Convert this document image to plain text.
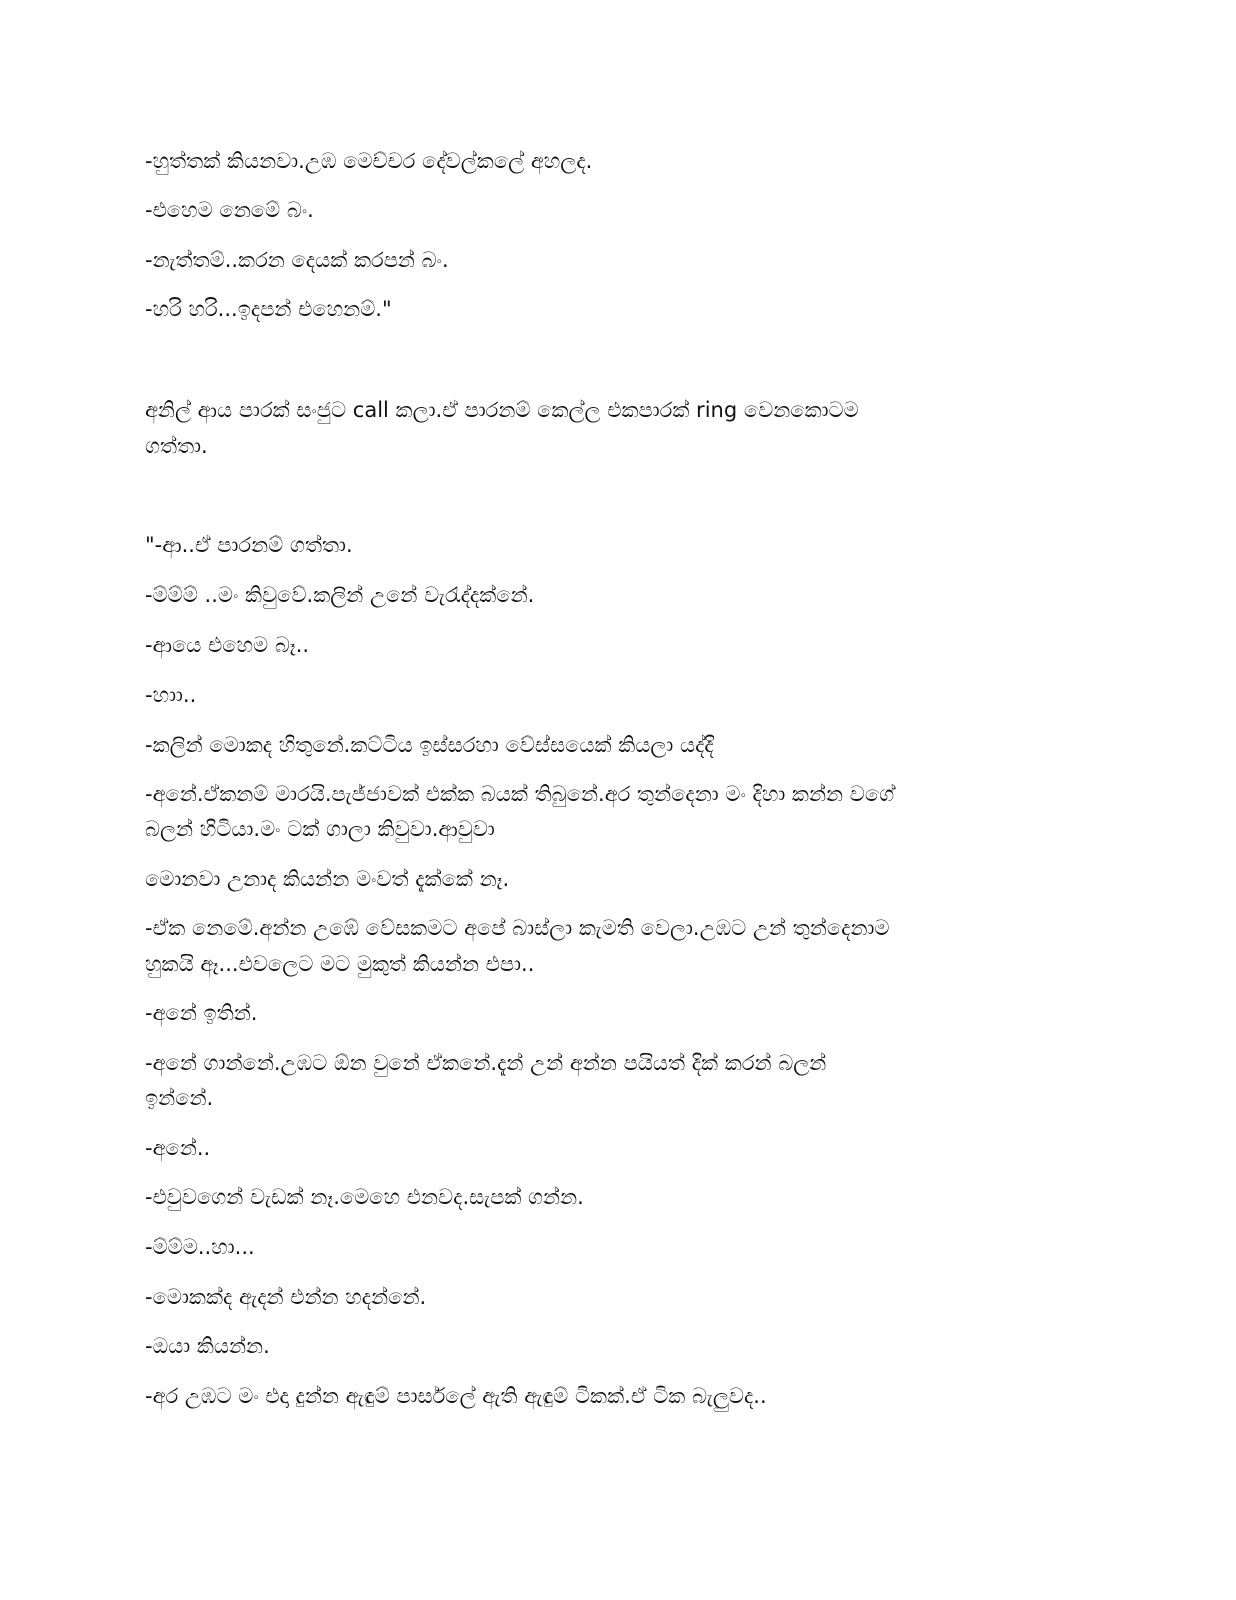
-හුත්තක් කියනවා.උඹ මෙච්චර දේවල්කලේ අහලද.

-එහෙම නෙමේ බං.

-නැත්තම්..කරන දෙයක් කරපන් බං.

-හරි හරි...ඉදපන් එහෙනම්."

අනිල් ආය පාරක් සංජුට call කලා.ඒ පාරනම් කෙල්ල එකපාරක් ring වෙනකොටම

ගත්තා.

"-ආ..ඒ පාරනම් ගත්තා.

-ම්ම්ම් ..මං කිවුවේ.කලින් උනේ වැරැද්දක්නේ.

-ආයෙ එහෙම බෑ..

-හාා..

-කලින් මොකද හිතුනේ.කට්ටිය ඉස්සරහා වේස්සයෙක් කියලා යද්දි

-අනේ.ඒකනම් මාරයි.පැජ්ජාවක් එක්ක බයක් තිබුනේ.අර තුන්දෙනා මං දිහා කන්න වගේ

බලන් හිටියා.මං ටක් ගාලා කිවුවා.ආවුවා

මොනවා උනාද කියන්න මංවත් දැක්කේ නෑ.

-ඒක නෙමේ.අන්න උඹේ වේසකමට අපේ බාස්ලා කැමති වෙලා.උඹට උන් තුන්දෙනාම

හුකයි ඈ...එවලෙට මට මුකුත් කියන්න එපා..

-අනේ ඉතින්.

-අනේ ගාන්නේ.උඹට ඕන වුනේ ඒකනේ.දැන් උන් අන්න පයියත් දික් කරන් බලන්

ඉන්නේ.

-අනේ..

-එවුවගෙන් වැඩක් නෑ.මෙහෙ එනවද.සැපක් ගන්න.

-ම්ම්ම..හා...

-මොකක්ද ඇදන් එන්න හදන්නේ.

-ඔයා කියන්න.

-අර උඹට මං එදා දුන්න ඇඳුම් පාර්සලේ ඇති ඇඳුම් ටිකක්.ඒ ටික බැලුවද..
